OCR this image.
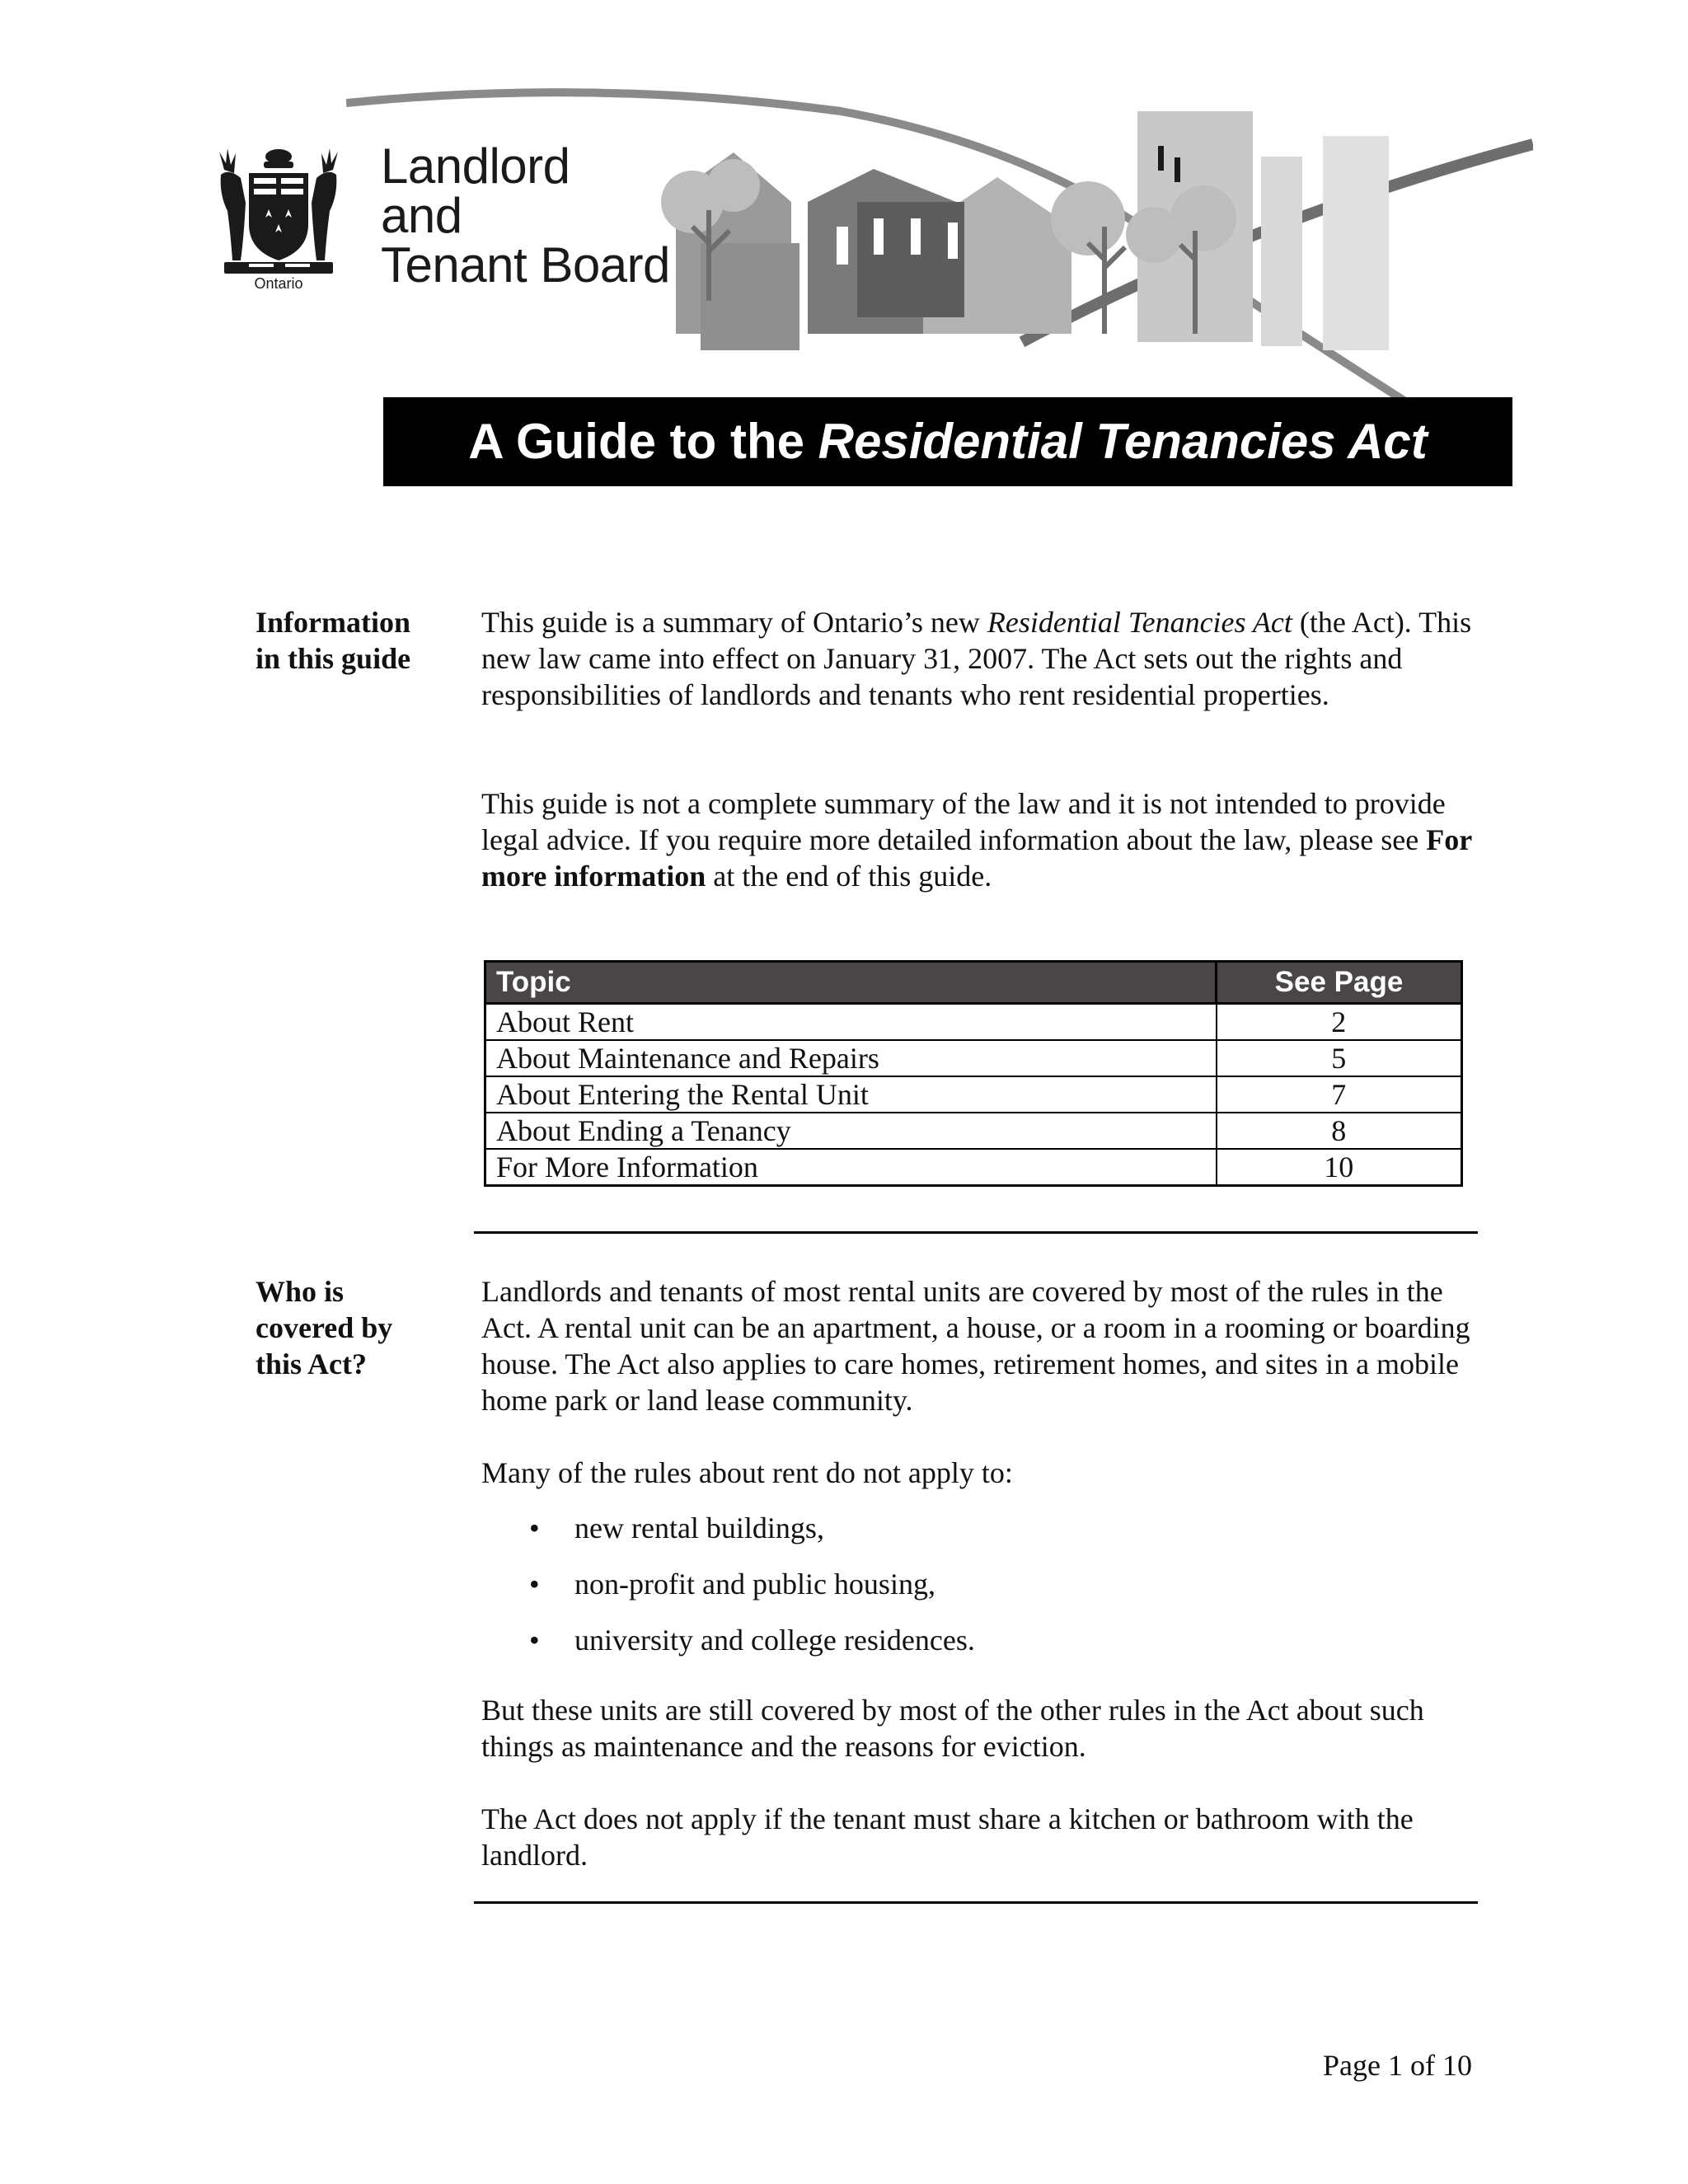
Ontario
Landlord
and
Tenant Board
A Guide to the Residential Tenancies Act
Information
in this guide

This guide is a summary of Ontario’s new Residential Tenancies Act (the Act). This new law came into effect on January 31, 2007. The Act sets out the rights and responsibilities of landlords and tenants who rent residential properties.

This guide is not a complete summary of the law and it is not intended to provide legal advice. If you require more detailed information about the law, please see For more information at the end of this guide.

Topic	See Page
About Rent	2
About Maintenance and Repairs	5
About Entering the Rental Unit	7
About Ending a Tenancy	8
For More Information	10
Who is
covered by
this Act?

Landlords and tenants of most rental units are covered by most of the rules in the Act. A rental unit can be an apartment, a house, or a room in a rooming or boarding house. The Act also applies to care homes, retirement homes, and sites in a mobile home park or land lease community.

Many of the rules about rent do not apply to:

• new rental buildings,
• non-profit and public housing,
• university and college residences.

But these units are still covered by most of the other rules in the Act about such things as maintenance and the reasons for eviction.

The Act does not apply if the tenant must share a kitchen or bathroom with the landlord.

Page 1 of 10
